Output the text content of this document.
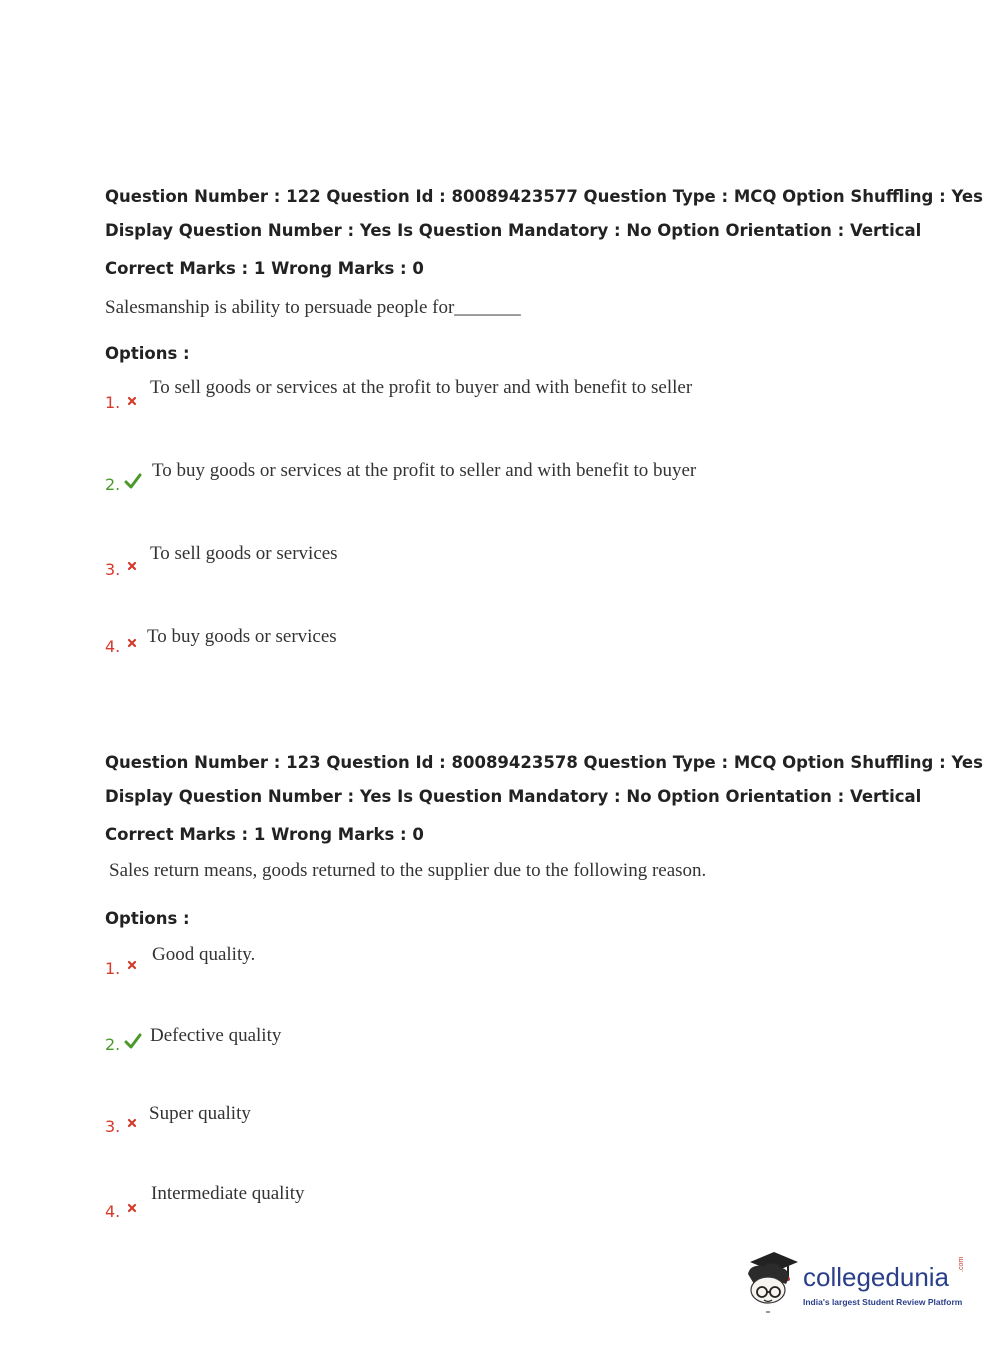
Question Number : 122 Question Id : 80089423577 Question Type : MCQ Option Shuffling : Yes
Display Question Number : Yes Is Question Mandatory : No Option Orientation : Vertical
Correct Marks : 1 Wrong Marks : 0
Salesmanship is ability to persuade people for_______
Options :
1.
To sell goods or services at the profit to buyer and with benefit to seller
2.
To buy goods or services at the profit to seller and with benefit to buyer
3.
To sell goods or services
4. To buy goods or services
Question Number : 123 Question Id : 80089423578 Question Type : MCQ Option Shuffling : Yes
Display Question Number : Yes Is Question Mandatory : No Option Orientation : Vertical
Correct Marks : 1 Wrong Marks : 0
Sales return means, goods returned to the supplier due to the following reason.
Options :
1.
Good quality.
2. Defective quality
3.
Super quality
4.
Intermediate quality
collegedunia .com
India's largest Student Review Platform
